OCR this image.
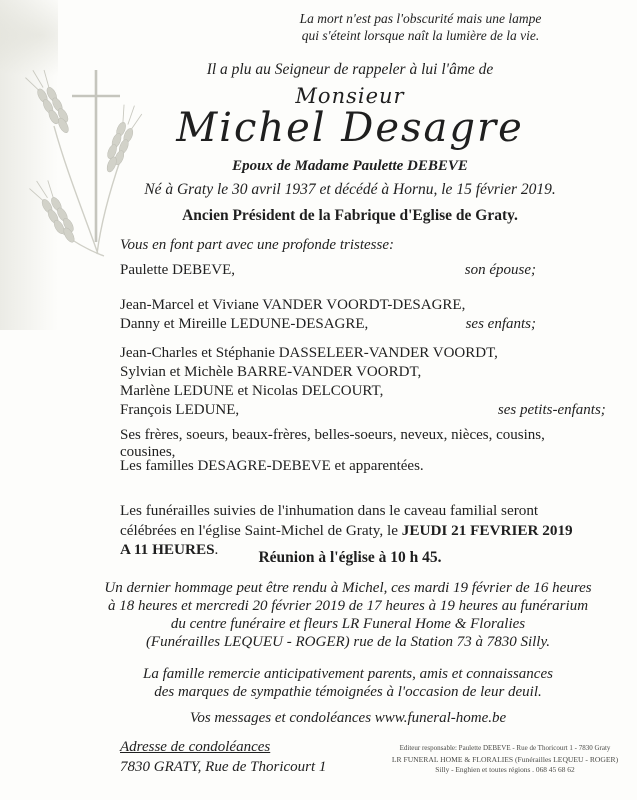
La mort n'est pas l'obscurité mais une lampe
qui s'éteint lorsque naît la lumière de la vie.
Il a plu au Seigneur de rappeler à lui l'âme de
Monsieur
Michel Desagre
Epoux de Madame Paulette DEBEVE
Né à Graty le 30 avril 1937 et décédé à Hornu, le 15 février 2019.
Ancien Président de la Fabrique d'Eglise de Graty.
Vous en font part avec une profonde tristesse:
Paulette DEBEVE,	son épouse;
Jean-Marcel et Viviane VANDER VOORDT-DESAGRE,
Danny et Mireille LEDUNE-DESAGRE,	ses enfants;
Jean-Charles et Stéphanie DASSELEER-VANDER VOORDT,
Sylvian et Michèle BARRE-VANDER VOORDT,
Marlène LEDUNE et Nicolas DELCOURT,
François LEDUNE,	ses petits-enfants;
Ses frères, soeurs, beaux-frères, belles-soeurs, neveux, nièces, cousins, cousines,
Les familles DESAGRE-DEBEVE et apparentées.
Les funérailles suivies de l'inhumation dans le caveau familial seront célébrées en l'église Saint-Michel de Graty, le JEUDI 21 FEVRIER 2019 A 11 HEURES.	Réunion à l'église à 10 h 45.
Un dernier hommage peut être rendu à Michel, ces mardi 19 février de 16 heures
à 18 heures et mercredi 20 février 2019 de 17 heures à 19 heures au funérarium
du centre funéraire et fleurs LR Funeral Home & Floralies
(Funérailles LEQUEU - ROGER) rue de la Station 73 à 7830 Silly.
La famille remercie anticipativement parents, amis et connaissances
des marques de sympathie témoignées à l'occasion de leur deuil.
Vos messages et condoléances www.funeral-home.be
Adresse de condoléances
7830 GRATY, Rue de Thoricourt 1
Editeur responsable: Paulette DEBEVE - Rue de Thoricourt 1 - 7830 Graty
LR FUNERAL HOME & FLORALIES (Funérailles LEQUEU - ROGER)
Silly - Enghien et toutes régions . 068 45 68 62
